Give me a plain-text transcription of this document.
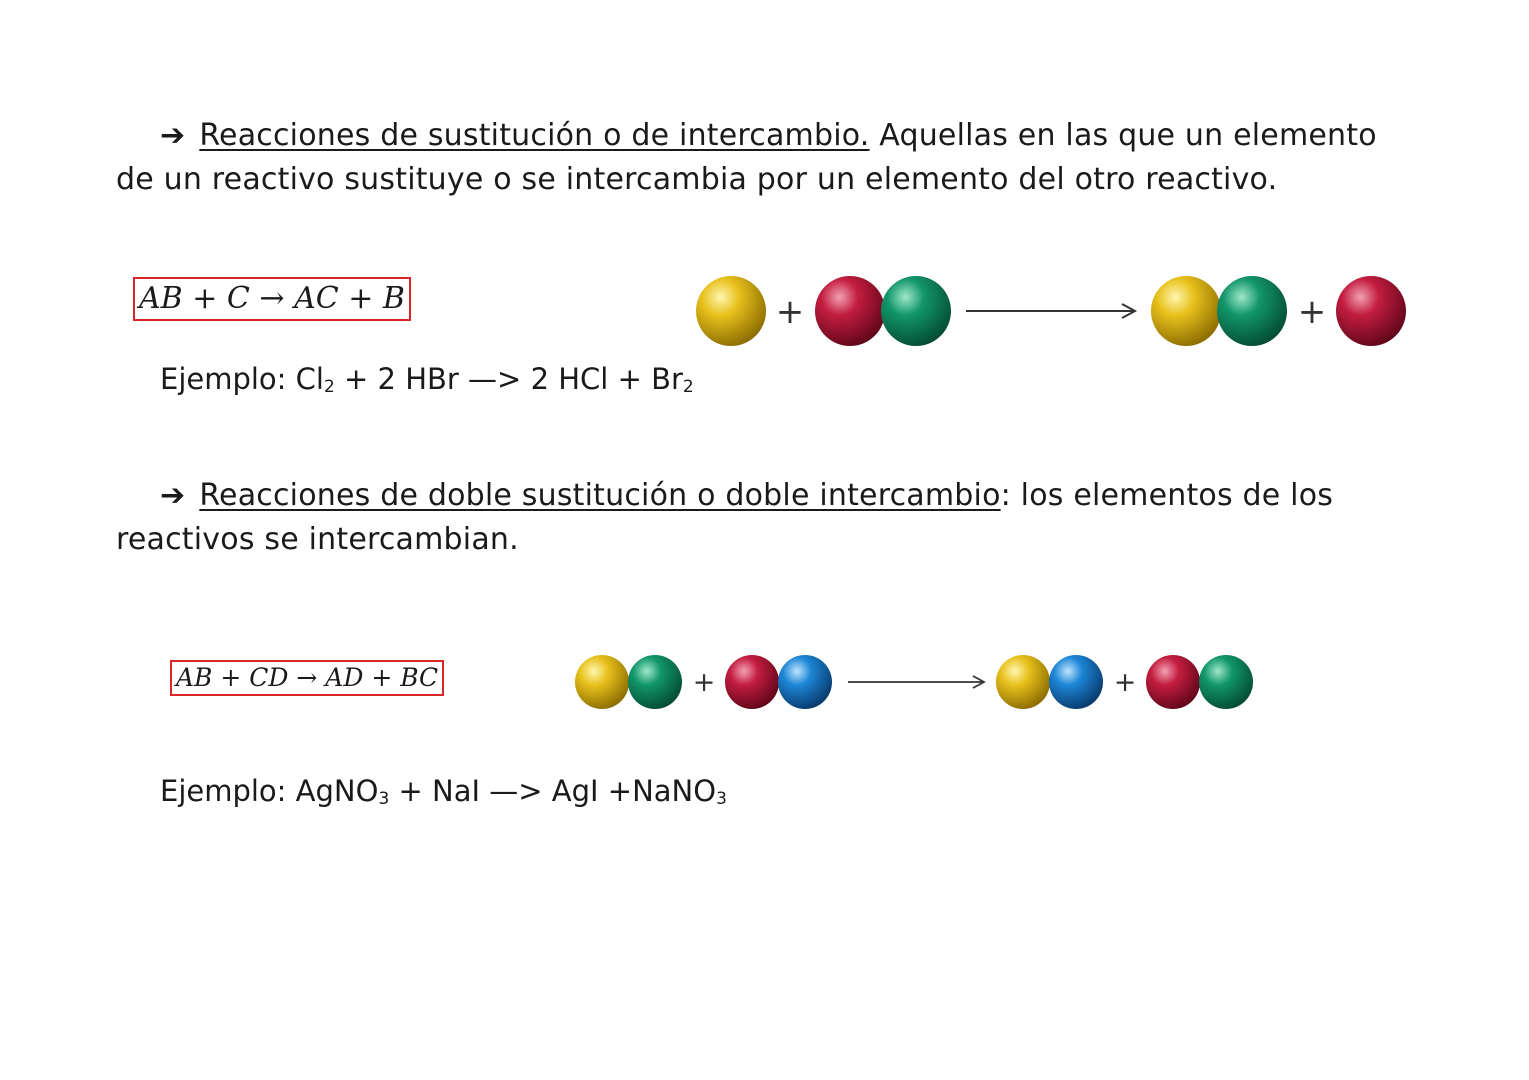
➔ Reacciones de sustitución o de intercambio. Aquellas en las que un elemento
de un reactivo sustituye o se intercambia por un elemento del otro reactivo.
AB + C → AC + B	+	+
Ejemplo: $Cl_2 + 2$ HBr —> 2 HCl + $Br_2$
➔ Reacciones de doble sustitución o doble intercambio: los elementos de los
reactivos se intercambian.
AB + CD → AD + BC	+	+
Ejemplo: AgNO$_3$ + NaI —> AgI +NaNO$_3$
